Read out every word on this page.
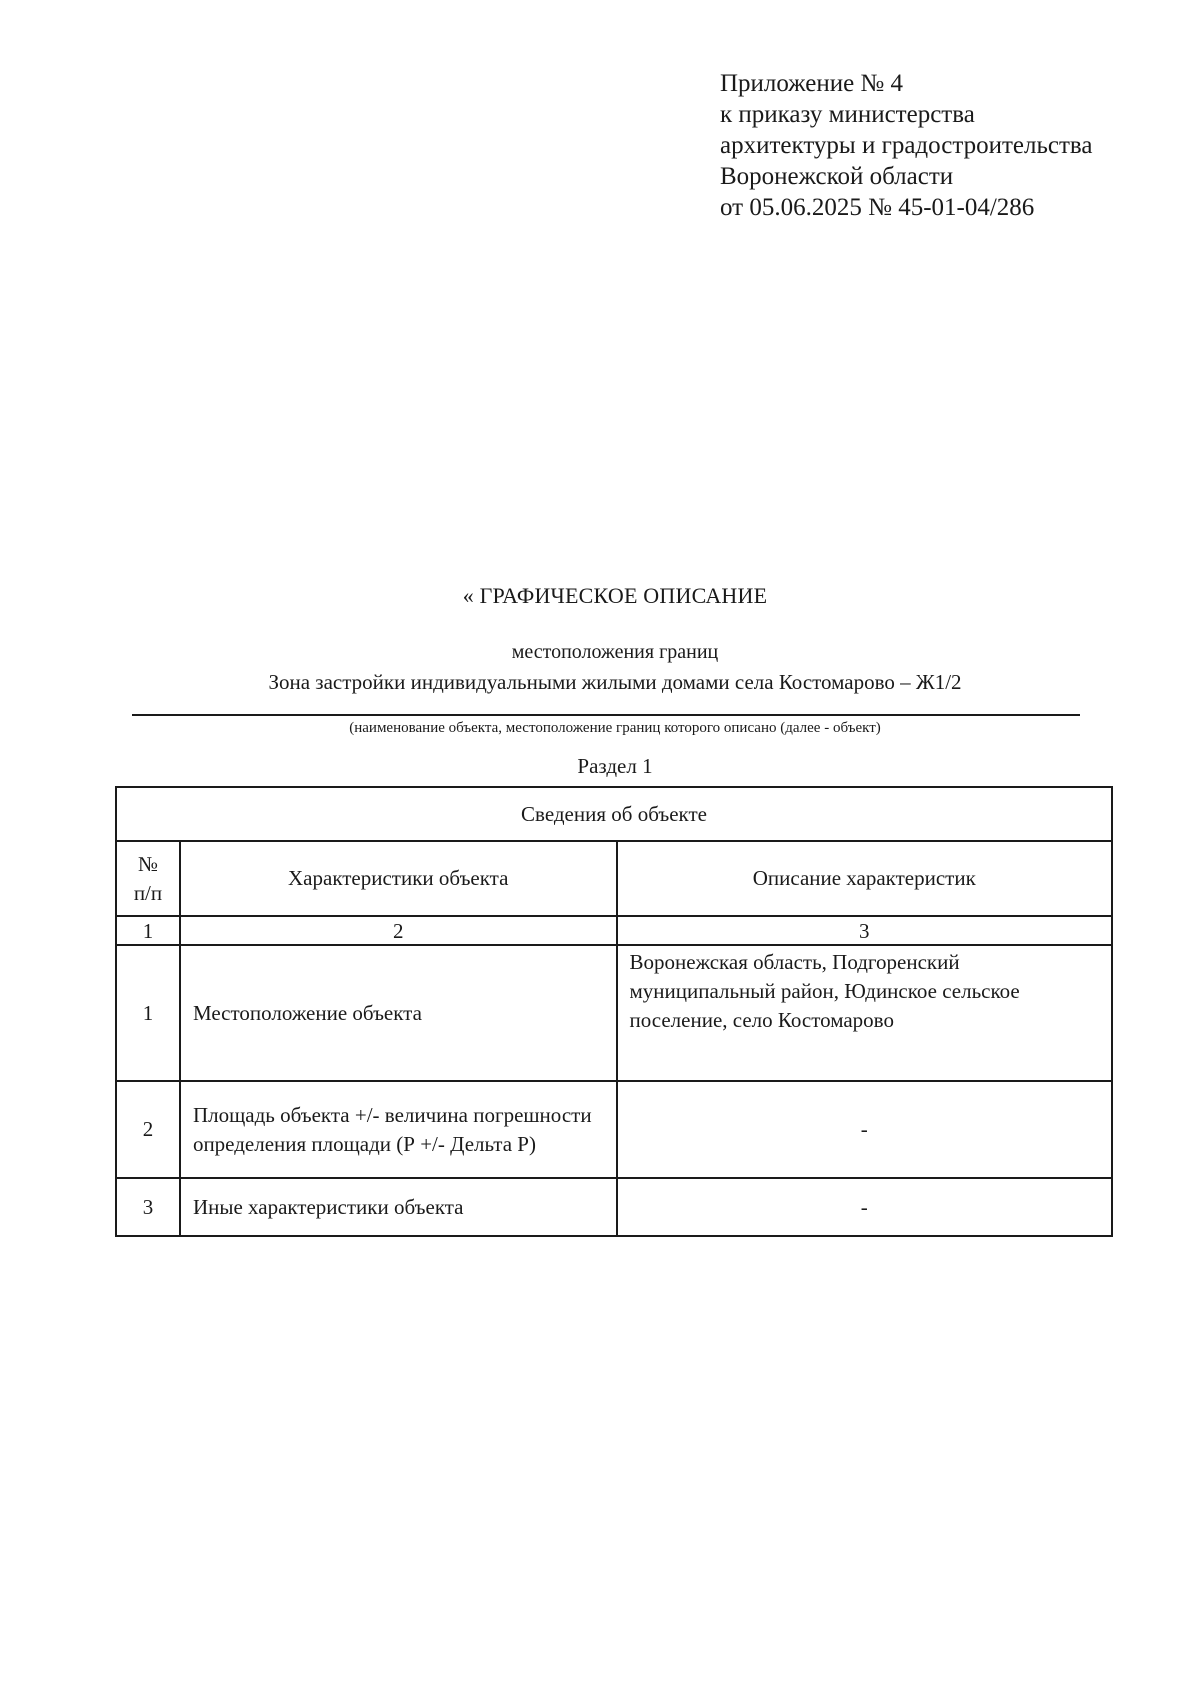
Приложение № 4
к приказу министерства
архитектуры и градостроительства
Воронежской области
от 05.06.2025 № 45-01-04/286
« ГРАФИЧЕСКОЕ ОПИСАНИЕ
местоположения границ
Зона застройки индивидуальными жилыми домами села Костомарово – Ж1/2
(наименование объекта, местоположение границ которого описано (далее - объект)
Раздел 1
Сведения об объекте		

№
п/п	Характеристики объекта	Описание характеристик
1	2	3
1	Местоположение объекта	Воронежская область, Подгоренский муниципальный район, Юдинское сельское поселение, село Костомарово
2	Площадь объекта +/- величина погрешности определения площади (Р +/- Дельта Р)	-
3	Иные характеристики объекта	-
